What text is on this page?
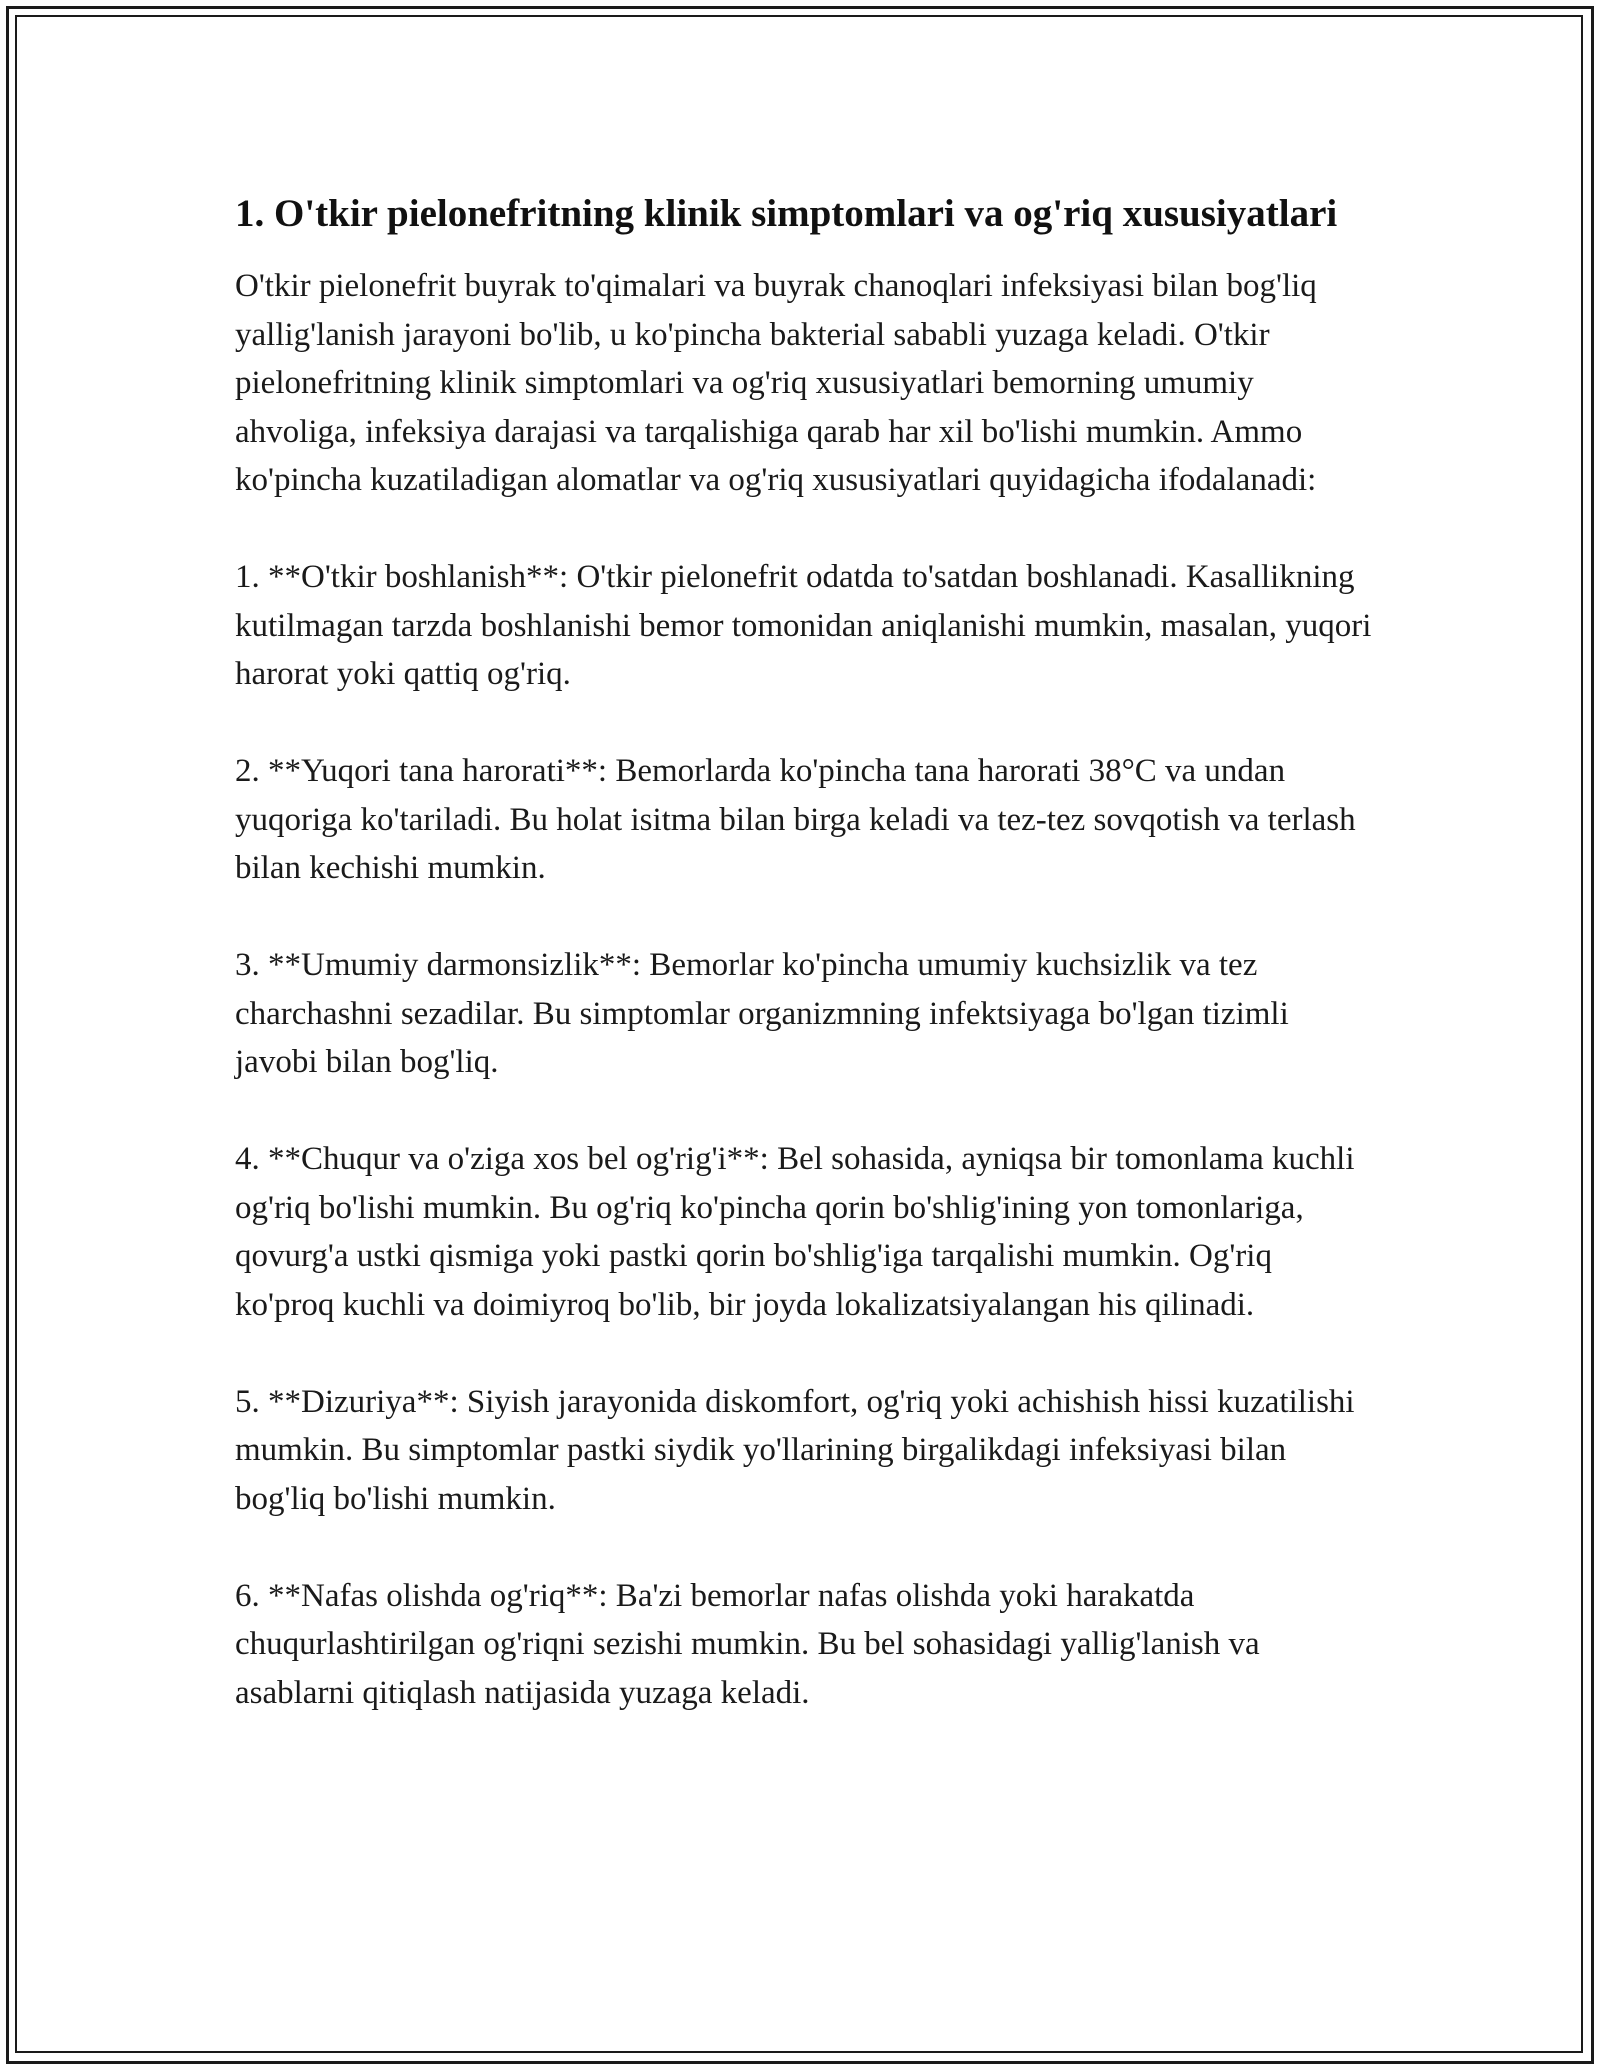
1. O'tkir pielonefritning klinik simptomlari va og'riq xususiyatlari

O'tkir pielonefrit buyrak to'qimalari va buyrak chanoqlari infeksiyasi bilan bog'liq yallig'lanish jarayoni bo'lib, u ko'pincha bakterial sababli yuzaga keladi. O'tkir pielonefritning klinik simptomlari va og'riq xususiyatlari bemorning umumiy ahvoliga, infeksiya darajasi va tarqalishiga qarab har xil bo'lishi mumkin. Ammo ko'pincha kuzatiladigan alomatlar va og'riq xususiyatlari quyidagicha ifodalanadi:

1. **O'tkir boshlanish**: O'tkir pielonefrit odatda to'satdan boshlanadi. Kasallikning kutilmagan tarzda boshlanishi bemor tomonidan aniqlanishi mumkin, masalan, yuqori harorat yoki qattiq og'riq.

2. **Yuqori tana harorati**: Bemorlarda ko'pincha tana harorati 38°C va undan yuqoriga ko'tariladi. Bu holat isitma bilan birga keladi va tez-tez sovqotish va terlash bilan kechishi mumkin.

3. **Umumiy darmonsizlik**: Bemorlar ko'pincha umumiy kuchsizlik va tez charchashni sezadilar. Bu simptomlar organizmning infektsiyaga bo'lgan tizimli javobi bilan bog'liq.

4. **Chuqur va o'ziga xos bel og'rig'i**: Bel sohasida, ayniqsa bir tomonlama kuchli og'riq bo'lishi mumkin. Bu og'riq ko'pincha qorin bo'shlig'ining yon tomonlariga, qovurg'a ustki qismiga yoki pastki qorin bo'shlig'iga tarqalishi mumkin. Og'riq ko'proq kuchli va doimiyroq bo'lib, bir joyda lokalizatsiyalangan his qilinadi.

5. **Dizuriya**: Siyish jarayonida diskomfort, og'riq yoki achishish hissi kuzatilishi mumkin. Bu simptomlar pastki siydik yo'llarining birgalikdagi infeksiyasi bilan bog'liq bo'lishi mumkin.

6. **Nafas olishda og'riq**: Ba'zi bemorlar nafas olishda yoki harakatda chuqurlashtirilgan og'riqni sezishi mumkin. Bu bel sohasidagi yallig'lanish va asablarni qitiqlash natijasida yuzaga keladi.
